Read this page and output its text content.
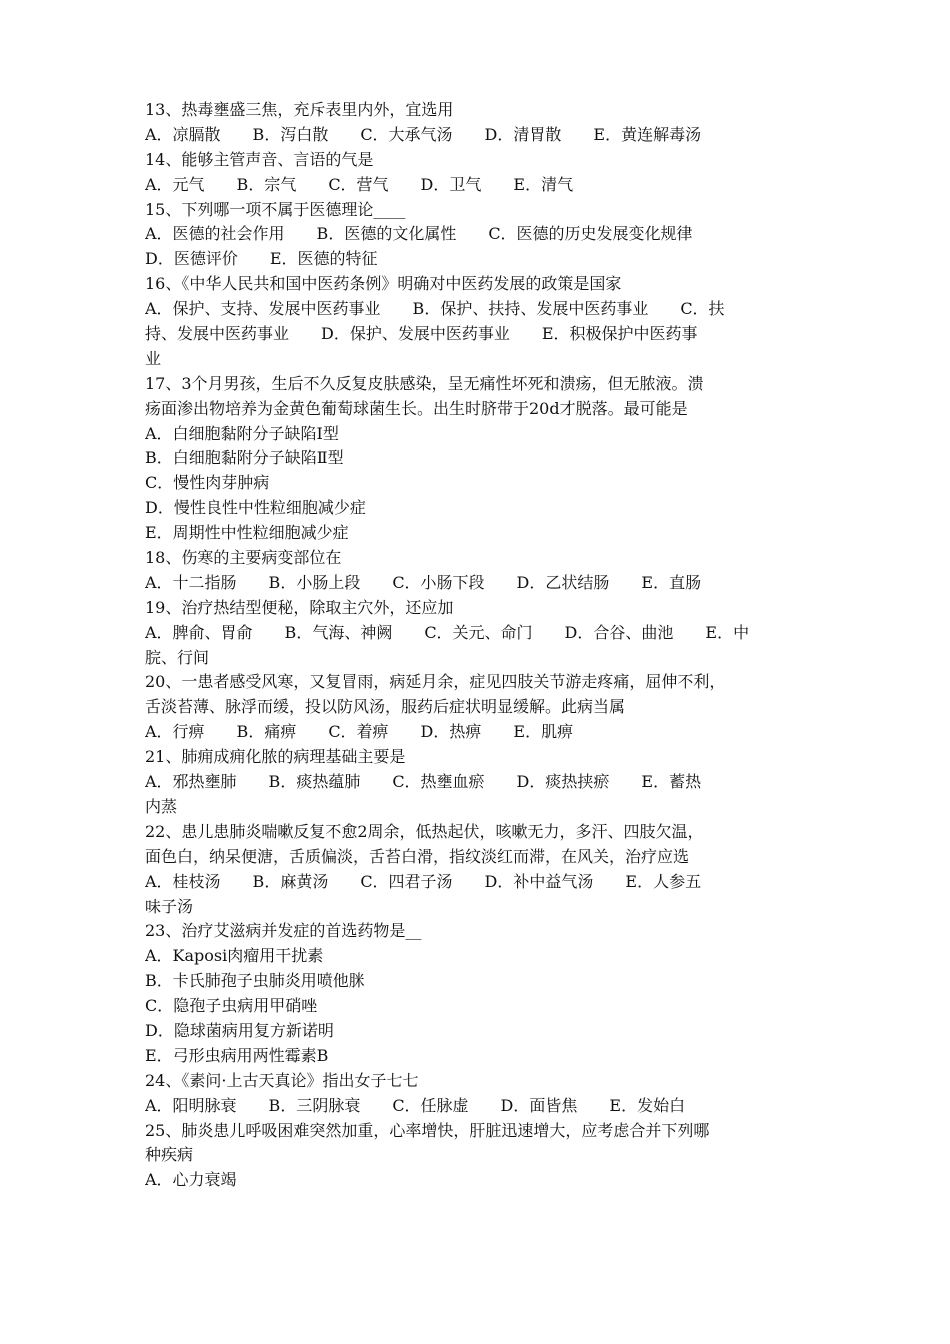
13、热毒壅盛三焦，充斥表里内外，宜选用
A．凉膈散　　B．泻白散　　C．大承气汤　　D．清胃散　　E．黄连解毒汤
14、能够主管声音、言语的气是
A．元气　　B．宗气　　C．营气　　D．卫气　　E．清气
15、下列哪一项不属于医德理论____
A．医德的社会作用　　B．医德的文化属性　　C．医德的历史发展变化规律
D．医德评价　　E．医德的特征
16、《中华人民共和国中医药条例》明确对中医药发展的政策是国家
A．保护、支持、发展中医药事业　　B．保护、扶持、发展中医药事业　　C．扶
持、发展中医药事业　　D．保护、发展中医药事业　　E．积极保护中医药事
业
17、3个月男孩，生后不久反复皮肤感染，呈无痛性坏死和溃疡，但无脓液。溃
疡面渗出物培养为金黄色葡萄球菌生长。出生时脐带于20d才脱落。最可能是
A．白细胞黏附分子缺陷Ⅰ型
B．白细胞黏附分子缺陷Ⅱ型
C．慢性肉芽肿病
D．慢性良性中性粒细胞减少症
E．周期性中性粒细胞减少症
18、伤寒的主要病变部位在
A．十二指肠　　B．小肠上段　　C．小肠下段　　D．乙状结肠　　E．直肠
19、治疗热结型便秘，除取主穴外，还应加
A．脾俞、胃俞　　B．气海、神阙　　C．关元、命门　　D．合谷、曲池　　E．中
脘、行间
20、一患者感受风寒，又复冒雨，病延月余，症见四肢关节游走疼痛，屈伸不利，
舌淡苔薄、脉浮而缓，投以防风汤，服药后症状明显缓解。此病当属
A．行痹　　B．痛痹　　C．着痹　　D．热痹　　E．肌痹
21、肺痈成痈化脓的病理基础主要是
A．邪热壅肺　　B．痰热蕴肺　　C．热壅血瘀　　D．痰热挟瘀　　E．蓄热
内蒸
22、患儿患肺炎喘嗽反复不愈2周余，低热起伏，咳嗽无力，多汗、四肢欠温，
面色白，纳呆便溏，舌质偏淡，舌苔白滑，指纹淡红而滞，在风关，治疗应选
A．桂枝汤　　B．麻黄汤　　C．四君子汤　　D．补中益气汤　　E．人参五
味子汤
23、治疗艾滋病并发症的首选药物是__
A．Kaposi肉瘤用干扰素
B．卡氏肺孢子虫肺炎用喷他脒
C．隐孢子虫病用甲硝唑
D．隐球菌病用复方新诺明
E．弓形虫病用两性霉素B
24、《素问·上古天真论》指出女子七七
A．阳明脉衰　　B．三阴脉衰　　C．任脉虚　　D．面皆焦　　E．发始白
25、肺炎患儿呼吸困难突然加重，心率增快，肝脏迅速增大，应考虑合并下列哪
种疾病
A．心力衰竭
